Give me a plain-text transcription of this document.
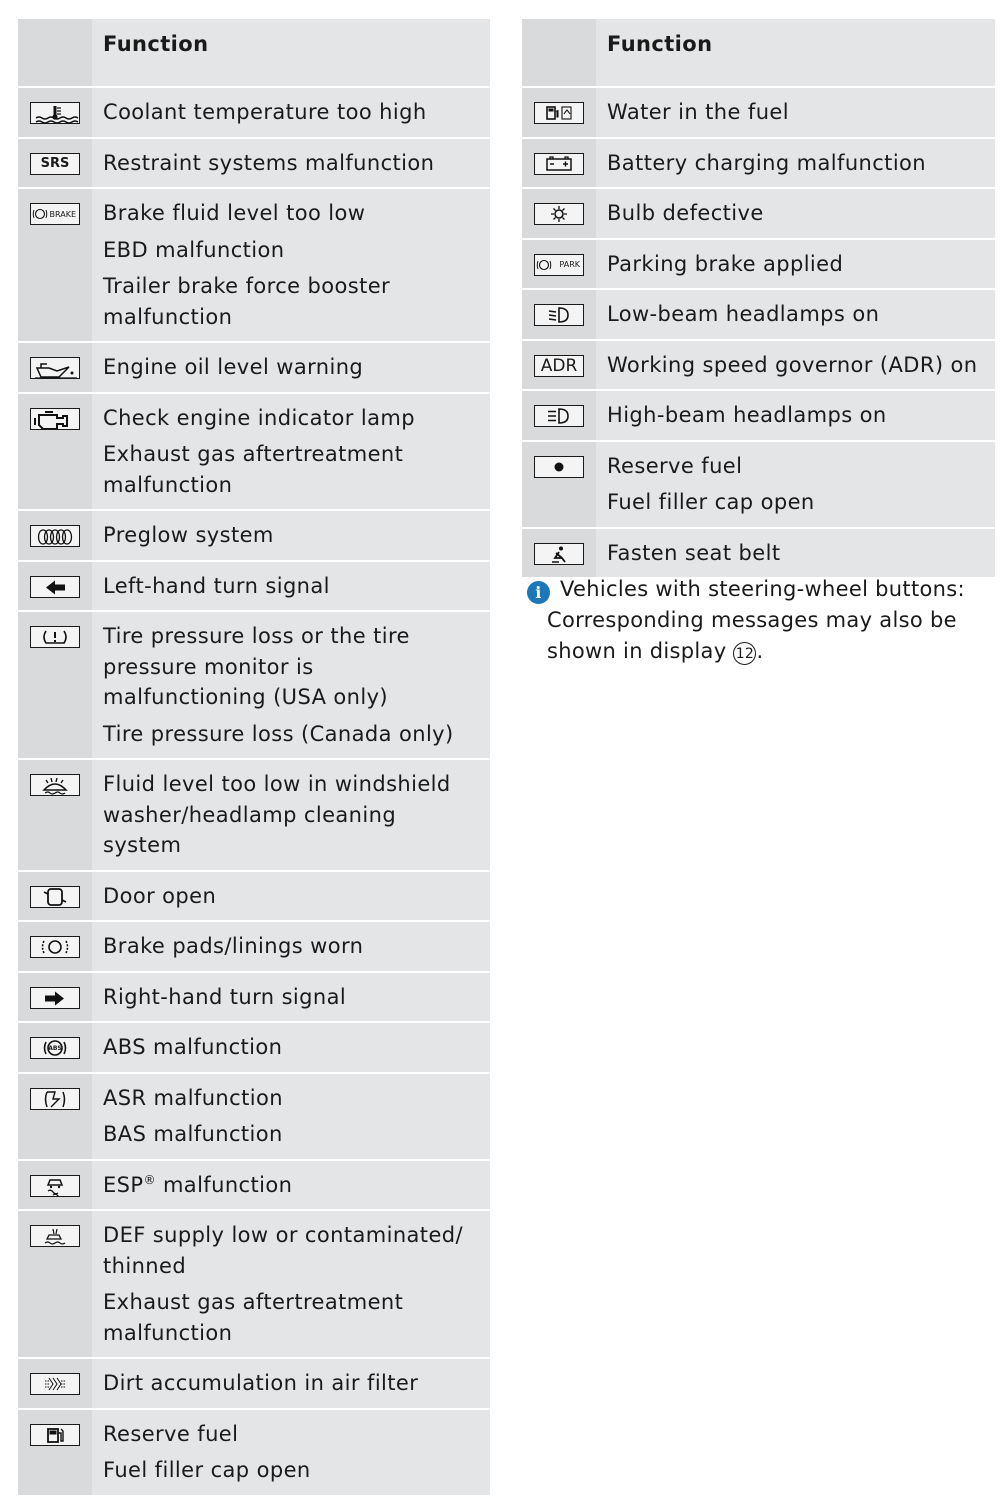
	Function

Coolant temperature too high

SRS	Restraint systems malfunction

BRAKE	Brake fluid level too low
EBD malfunction
Trailer brake force booster malfunction

Engine oil level warning

Check engine indicator lamp
Exhaust gas aftertreatment malfunction

Preglow system

Left-hand turn signal

Tire pressure loss or the tire pressure monitor is malfunctioning (USA only)
Tire pressure loss (Canada only)

Fluid level too low in windshield washer/headlamp cleaning system

Door open

Brake pads/linings worn

Right-hand turn signal

ABS	ABS malfunction

ASR malfunction
BAS malfunction

ESP® malfunction

DEF supply low or contaminated/ thinned
Exhaust gas aftertreatment malfunction

Dirt accumulation in air filter

Reserve fuel
Fuel filler cap open
	Function

Water in the fuel

Battery charging malfunction

Bulb defective

PARK	Parking brake applied

Low-beam headlamps on

ADR	Working speed governor (ADR) on

High-beam headlamps on

Reserve fuel
Fuel filler cap open

Fasten seat belt
i Vehicles with steering-wheel buttons:
Corresponding messages may also be shown in display 12 .
